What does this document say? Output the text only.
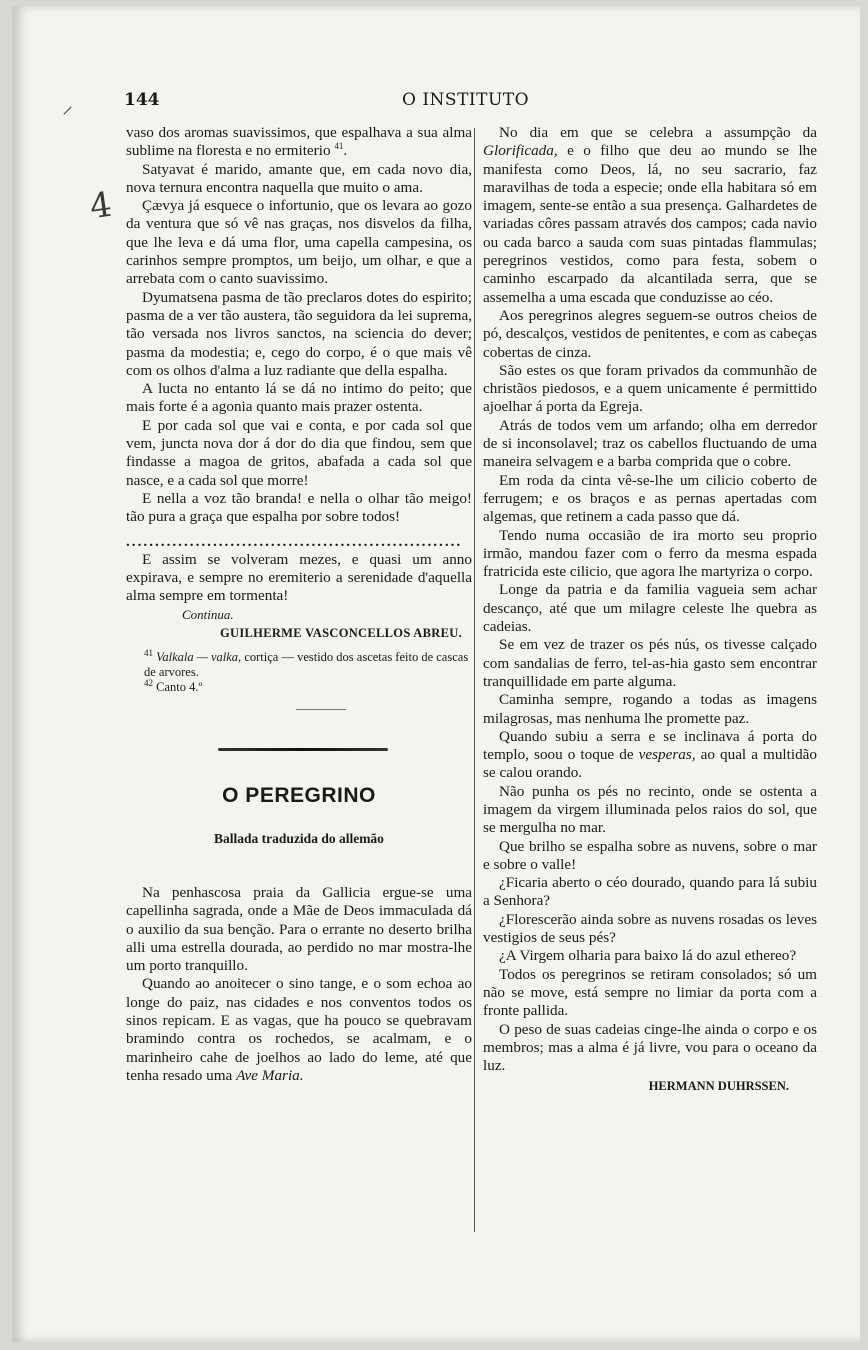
144	O INSTITUTO
⸝
4

vaso dos aromas suavissimos, que espalhava a sua alma sublime na floresta e no ermiterio $^{41}$.

Satyavat é marido, amante que, em cada novo dia, nova ternura encontra naquella que muito o ama.

Çævya já esquece o infortunio, que os levara ao gozo da ventura que só vê nas graças, nos disvelos da filha, que lhe leva e dá uma flor, uma capella campesina, os carinhos sempre promptos, um beijo, um olhar, e que a arrebata com o canto suavissimo.

Dyumatsena pasma de tão preclaros dotes do espirito; pasma de a ver tão austera, tão seguidora da lei suprema, tão versada nos livros sanctos, na sciencia do dever; pasma da modestia; e, cego do corpo, é o que mais vê com os olhos d'alma a luz radiante que della espalha.

A lucta no entanto lá se dá no intimo do peito; que mais forte é a agonia quanto mais prazer ostenta.

E por cada sol que vai e conta, e por cada sol que vem, juncta nova dor á dor do dia que findou, sem que findasse a magoa de gritos, abafada a cada sol que nasce, e a cada sol que morre!

E nella a voz tão branda! e nella o olhar tão meigo! tão pura a graça que espalha por sobre todos!

..........................................................

E assim se volveram mezes, e quasi um anno expirava, e sempre no eremiterio a serenidade d'aquella alma sempre em tormenta!

Continua.

GUILHERME VASCONCELLOS ABREU.

$^{41}$ Valkala — valka, cortiça — vestido dos ascetas feito de cascas de arvores.
$^{42}$ Canto 4.º
O PEREGRINO
Ballada traduzida do allemão

Na penhascosa praia da Gallicia ergue-se uma capellinha sagrada, onde a Mãe de Deos immaculada dá o auxilio da sua benção. Para o errante no deserto brilha alli uma estrella dourada, ao perdido no mar mostra-lhe um porto tranquillo.

Quando ao anoitecer o sino tange, e o som echoa ao longe do paiz, nas cidades e nos conventos todos os sinos repicam. E as vagas, que ha pouco se quebravam bramindo contra os rochedos, se acalmam, e o marinheiro cahe de joelhos ao lado do leme, até que tenha resado uma Ave Maria.

No dia em que se celebra a assumpção da Glorificada, e o filho que deu ao mundo se lhe manifesta como Deos, lá, no seu sacrario, faz maravilhas de toda a especie; onde ella habitara só em imagem, sente-se então a sua presença. Galhardetes de variadas côres passam através dos campos; cada navio ou cada barco a sauda com suas pintadas flammulas; peregrinos vestidos, como para festa, sobem o caminho escarpado da alcantilada serra, que se assemelha a uma escada que conduzisse ao céo.

Aos peregrinos alegres seguem-se outros cheios de pó, descalços, vestidos de penitentes, e com as cabeças cobertas de cinza.

São estes os que foram privados da communhão de christãos piedosos, e a quem unicamente é permittido ajoelhar á porta da Egreja.

Atrás de todos vem um arfando; olha em derredor de si inconsolavel; traz os cabellos fluctuando de uma maneira selvagem e a barba comprida que o cobre.

Em roda da cinta vê-se-lhe um cilicio coberto de ferrugem; e os braços e as pernas apertadas com algemas, que retinem a cada passo que dá.

Tendo numa occasião de ira morto seu proprio irmão, mandou fazer com o ferro da mesma espada fratricida este cilicio, que agora lhe martyriza o corpo.

Longe da patria e da familia vagueia sem achar descanço, até que um milagre celeste lhe quebra as cadeias.

Se em vez de trazer os pés nús, os tivesse calçado com sandalias de ferro, tel-as-hia gasto sem encontrar tranquillidade em parte alguma.

Caminha sempre, rogando a todas as imagens milagrosas, mas nenhuma lhe promette paz.

Quando subiu a serra e se inclinava á porta do templo, soou o toque de vesperas, ao qual a multidão se calou orando.

Não punha os pés no recinto, onde se ostenta a imagem da virgem illuminada pelos raios do sol, que se mergulha no mar.

Que brilho se espalha sobre as nuvens, sobre o mar e sobre o valle!

¿Ficaria aberto o céo dourado, quando para lá subiu a Senhora?

¿Florescerão ainda sobre as nuvens rosadas os leves vestigios de seus pés?

¿A Virgem olharia para baixo lá do azul ethereo?

Todos os peregrinos se retiram consolados; só um não se move, está sempre no limiar da porta com a fronte pallida.

O peso de suas cadeias cinge-lhe ainda o corpo e os membros; mas a alma é já livre, vou para o oceano da luz.

HERMANN DUHRSSEN.
